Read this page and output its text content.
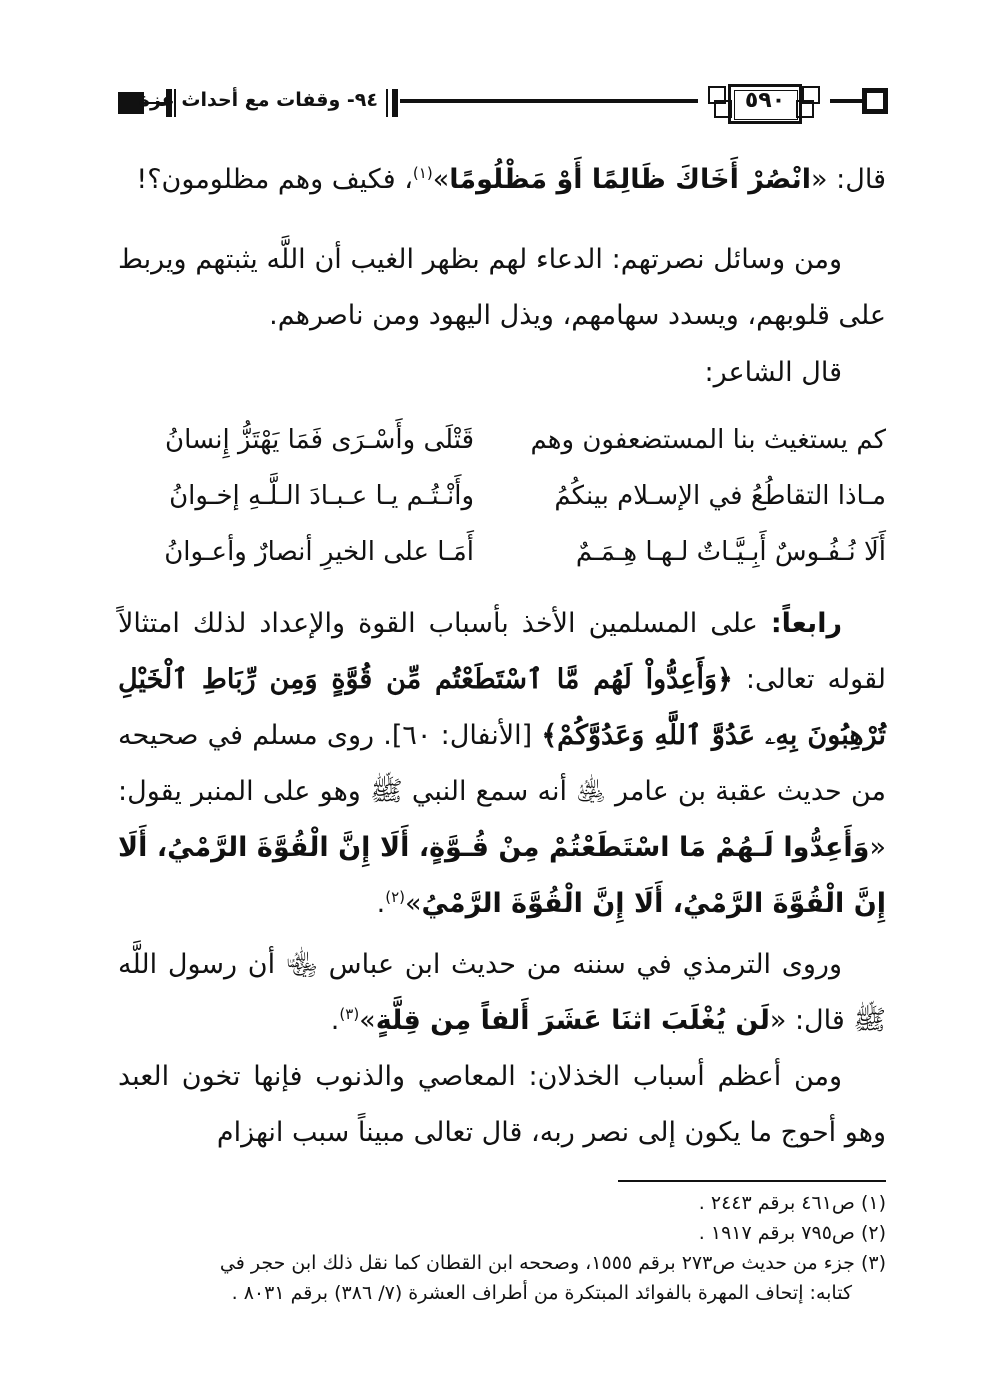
٩٤- وقفات مع أحداث غزة	٥٩٠
قال: «انْصُرْ أَخَاكَ ظَالِمًا أَوْ مَظْلُومًا»$^{(١)}$، فكيف وهم مظلومون؟!
ومن وسائل نصرتهم: الدعاء لهم بظهر الغيب أن اللَّه يثبتهم ويربط على قلوبهم، ويسدد سهامهم، ويذل اليهود ومن ناصرهم.
قال الشاعر:
كم يستغيث بنا المستضعفون وهم
قَتْلَى وأَسْـرَى فَمَا يَهْتَزُّ إِنسانُ
مـاذا التقاطُعُ في الإسـلام بينكُمُ
وأَنْـتُـم يـا عـبـادَ الـلَّـهِ إخـوانُ
أَلَا نُـفُـوسٌ أَبِـيَّـاتٌ لـهـا هِـمَـمٌ
أَمَـا على الخيرِ أنصارٌ وأعـوانُ
رابعاً: على المسلمين الأخذ بأسباب القوة والإعداد لذلك امتثالاً لقوله تعالى: ﴿وَأَعِدُّواْ لَهُم مَّا ٱسْتَطَعْتُم مِّن قُوَّةٍ وَمِن رِّبَاطِ ٱلْخَيْلِ تُرْهِبُونَ بِهِۦ عَدُوَّ ٱللَّهِ وَعَدُوَّكُمْ﴾ [الأنفال: ٦٠]. روى مسلم في صحيحه من حديث عقبة بن عامر ﵁ أنه سمع النبي ﷺ وهو على المنبر يقول: «وَأَعِدُّوا لَـهُمْ مَا اسْتَطَعْتُمْ مِنْ قُـوَّةٍ، أَلَا إِنَّ الْقُوَّةَ الرَّمْيُ، أَلَا إِنَّ الْقُوَّةَ الرَّمْيُ، أَلَا إِنَّ الْقُوَّةَ الرَّمْيُ»$^{(٢)}$.
وروى الترمذي في سننه من حديث ابن عباس ﵄ أن رسول اللَّه ﷺ قال: «لَن يُغْلَبَ اثنَا عَشَرَ أَلفاً مِن قِلَّةٍ»$^{(٣)}$.
ومن أعظم أسباب الخذلان: المعاصي والذنوب فإنها تخون العبد وهو أحوج ما يكون إلى نصر ربه، قال تعالى مبيناً سبب انهزام

(١) ص٤٦١ برقم ٢٤٤٣ .

(٢) ص٧٩٥ برقم ١٩١٧ .

(٣) جزء من حديث ص٢٧٣ برقم ١٥٥٥، وصححه ابن القطان كما نقل ذلك ابن حجر في

كتابه: إتحاف المهرة بالفوائد المبتكرة من أطراف العشرة (٧/ ٣٨٦) برقم ٨٠٣١ .
